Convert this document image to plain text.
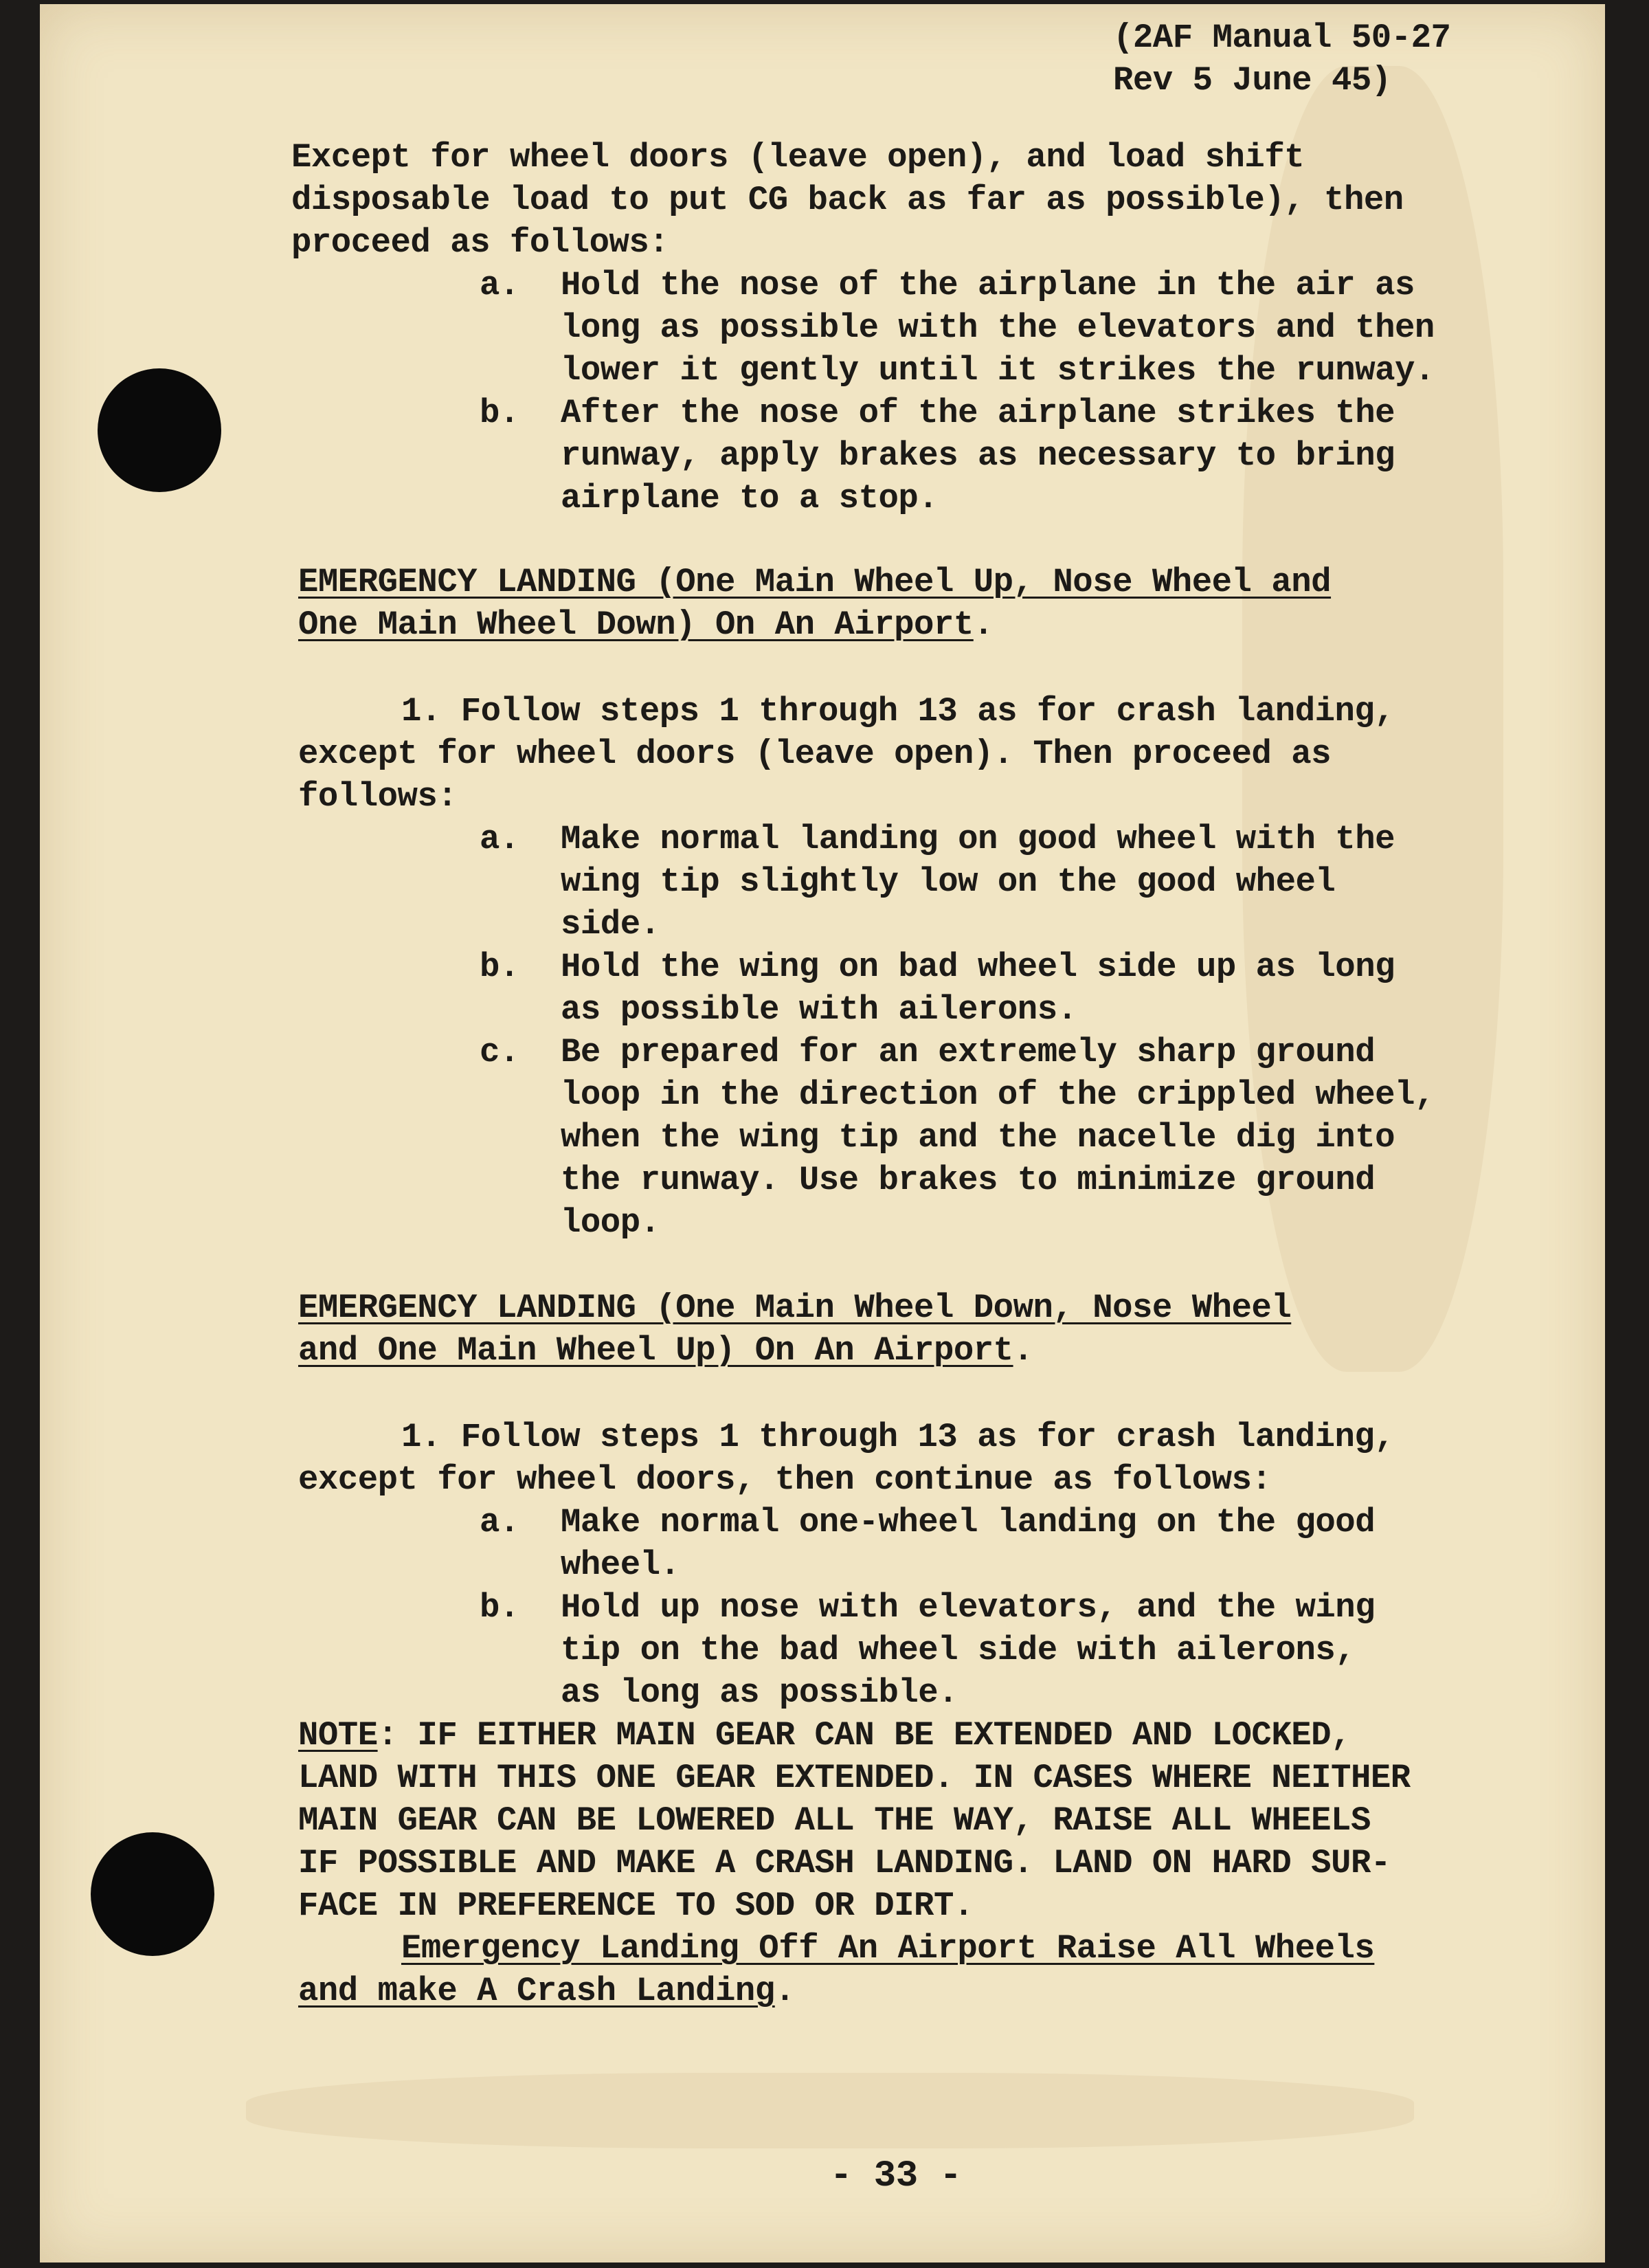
(2AF Manual 50-27
Rev 5 June 45)
Except for wheel doors (leave open), and load shift
disposable load to put CG back as far as possible), then
proceed as follows:
a. Hold the nose of the airplane in the air as
long as possible with the elevators and then
lower it gently until it strikes the runway.
b. After the nose of the airplane strikes the
runway, apply brakes as necessary to bring
airplane to a stop.
EMERGENCY LANDING (One Main Wheel Up, Nose Wheel and
One Main Wheel Down) On An Airport.
1. Follow steps 1 through 13 as for crash landing,
except for wheel doors (leave open). Then proceed as
follows:
a. Make normal landing on good wheel with the
wing tip slightly low on the good wheel
side.
b. Hold the wing on bad wheel side up as long
as possible with ailerons.
c. Be prepared for an extremely sharp ground
loop in the direction of the crippled wheel,
when the wing tip and the nacelle dig into
the runway. Use brakes to minimize ground
loop.
EMERGENCY LANDING (One Main Wheel Down, Nose Wheel
and One Main Wheel Up) On An Airport.
1. Follow steps 1 through 13 as for crash landing,
except for wheel doors, then continue as follows:
a. Make normal one-wheel landing on the good
wheel.
b. Hold up nose with elevators, and the wing
tip on the bad wheel side with ailerons,
as long as possible.
NOTE: IF EITHER MAIN GEAR CAN BE EXTENDED AND LOCKED,
LAND WITH THIS ONE GEAR EXTENDED. IN CASES WHERE NEITHER
MAIN GEAR CAN BE LOWERED ALL THE WAY, RAISE ALL WHEELS
IF POSSIBLE AND MAKE A CRASH LANDING. LAND ON HARD SUR-
FACE IN PREFERENCE TO SOD OR DIRT.
Emergency Landing Off An Airport Raise All Wheels
and make A Crash Landing.
- 33 -
